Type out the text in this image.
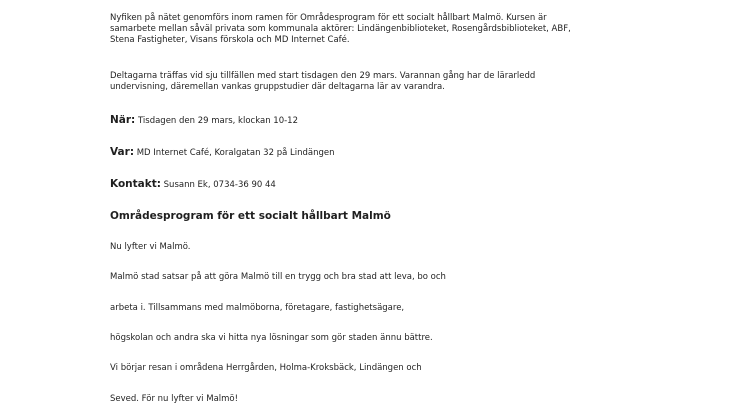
Nyfiken på nätet genomförs inom ramen för Områdesprogram för ett socialt hållbart Malmö. Kursen är
samarbete mellan såväl privata som kommunala aktörer: Lindängenbiblioteket, Rosengårdsbiblioteket, ABF,
Stena Fastigheter, Visans förskola och MD Internet Café.
Deltagarna träffas vid sju tillfällen med start tisdagen den 29 mars. Varannan gång har de lärarledd
undervisning, däremellan vankas gruppstudier där deltagarna lär av varandra.
När: Tisdagen den 29 mars, klockan 10-12
Var: MD Internet Café, Koralgatan 32 på Lindängen
Kontakt: Susann Ek, 0734-36 90 44
Områdesprogram för ett socialt hållbart Malmö
Nu lyfter vi Malmö.
Malmö stad satsar på att göra Malmö till en trygg och bra stad att leva, bo och
arbeta i. Tillsammans med malmöborna, företagare, fastighetsägare,
högskolan och andra ska vi hitta nya lösningar som gör staden ännu bättre.
Vi börjar resan i områdena Herrgården, Holma-Kroksbäck, Lindängen och
Seved. För nu lyfter vi Malmö!
